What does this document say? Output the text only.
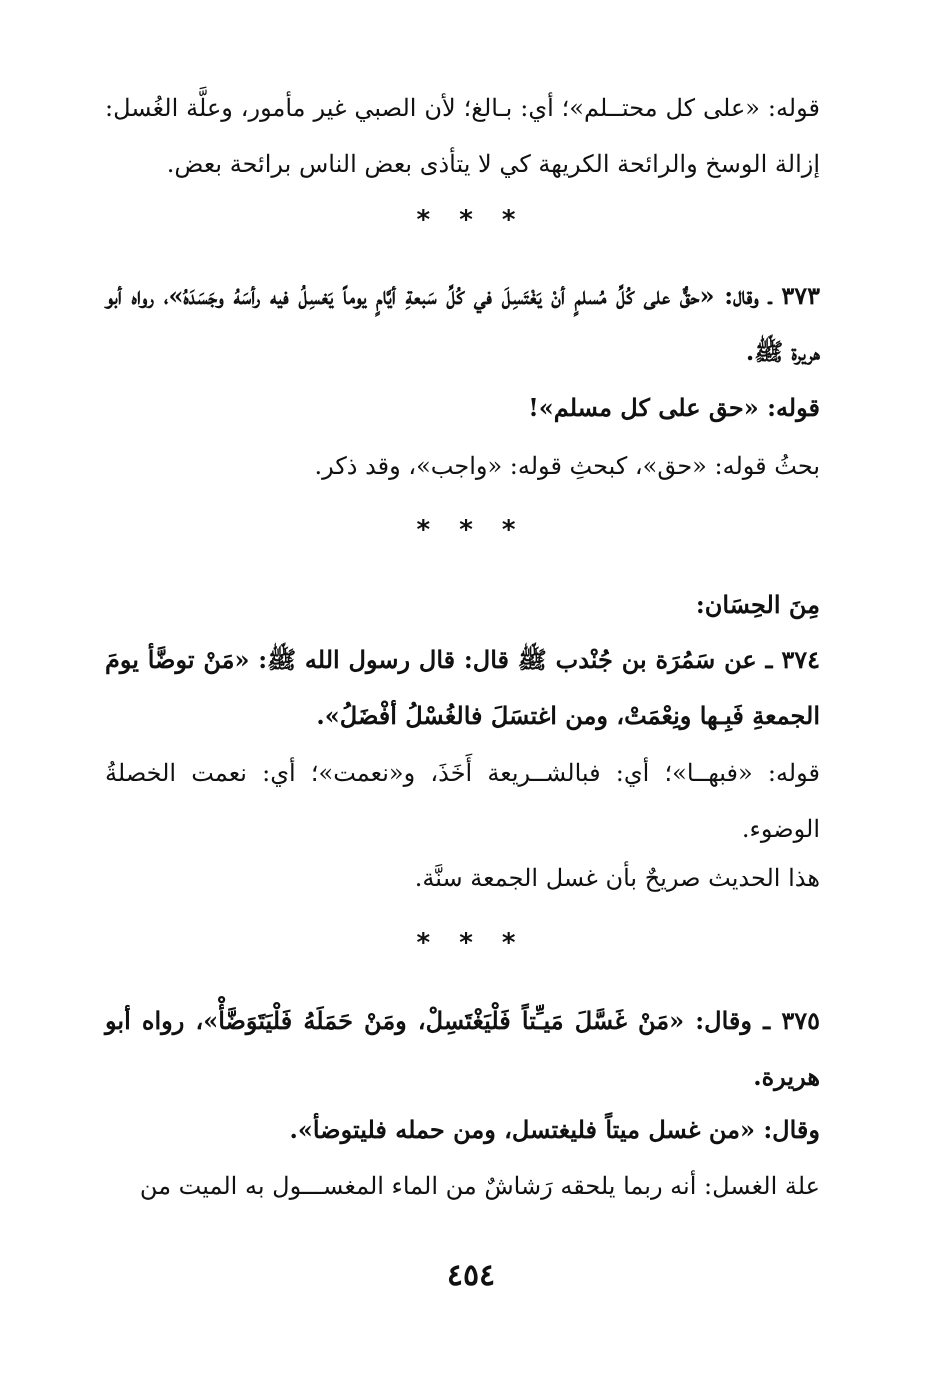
قوله: «على كل محتــلم»؛ أي: بـالغ؛ لأن الصبي غير مأمور، وعلَّة الغُسل: إزالة الوسخ والرائحة الكريهة كي لا يتأذى بعض الناس برائحة بعض.
* * *
٣٧٣ ـ وقال: «حقٌّ على كُلِّ مُسلمٍ أنْ يَغْتَسِلَ في كُلِّ سَبعةِ أيَّامٍ يوماً يَغسِلُ فيه رأسَهُ وجَسَدَهُ»، رواه أبو هريرة ﷺ.
قوله: «حق على كل مسلم»!
بحثُ قوله: «حق»، كبحثِ قوله: «واجب»، وقد ذكر.
* * *
مِنَ الحِسَان:
٣٧٤ ـ عن سَمُرَة بن جُنْدب ﷺ قال: قال رسول الله ﷺ: «مَنْ توضَّأ يومَ الجمعةِ فَبِـها ونِعْمَتْ، ومن اغتسَلَ فالغُسْلُ أفْضَلُ».
قوله: «فبهــا»؛ أي: فبالشــريعة أَخَذَ، و«نعمت»؛ أي: نعمت الخصلةُ الوضوء.
هذا الحديث صريحٌ بأن غسل الجمعة سنَّة.
* * *
٣٧٥ ـ وقال: «مَنْ غَسَّلَ مَيـِّتاً فَلْيَغْتَسِلْ، ومَنْ حَمَلَهُ فَلْيَتَوَضَّأْ»، رواه أبو هريرة.
وقال: «من غسل ميتاً فليغتسل، ومن حمله فليتوضأ».
علة الغسل: أنه ربما يلحقه رَشاشٌ من الماء المغســـول به الميت من
٤٥٤
